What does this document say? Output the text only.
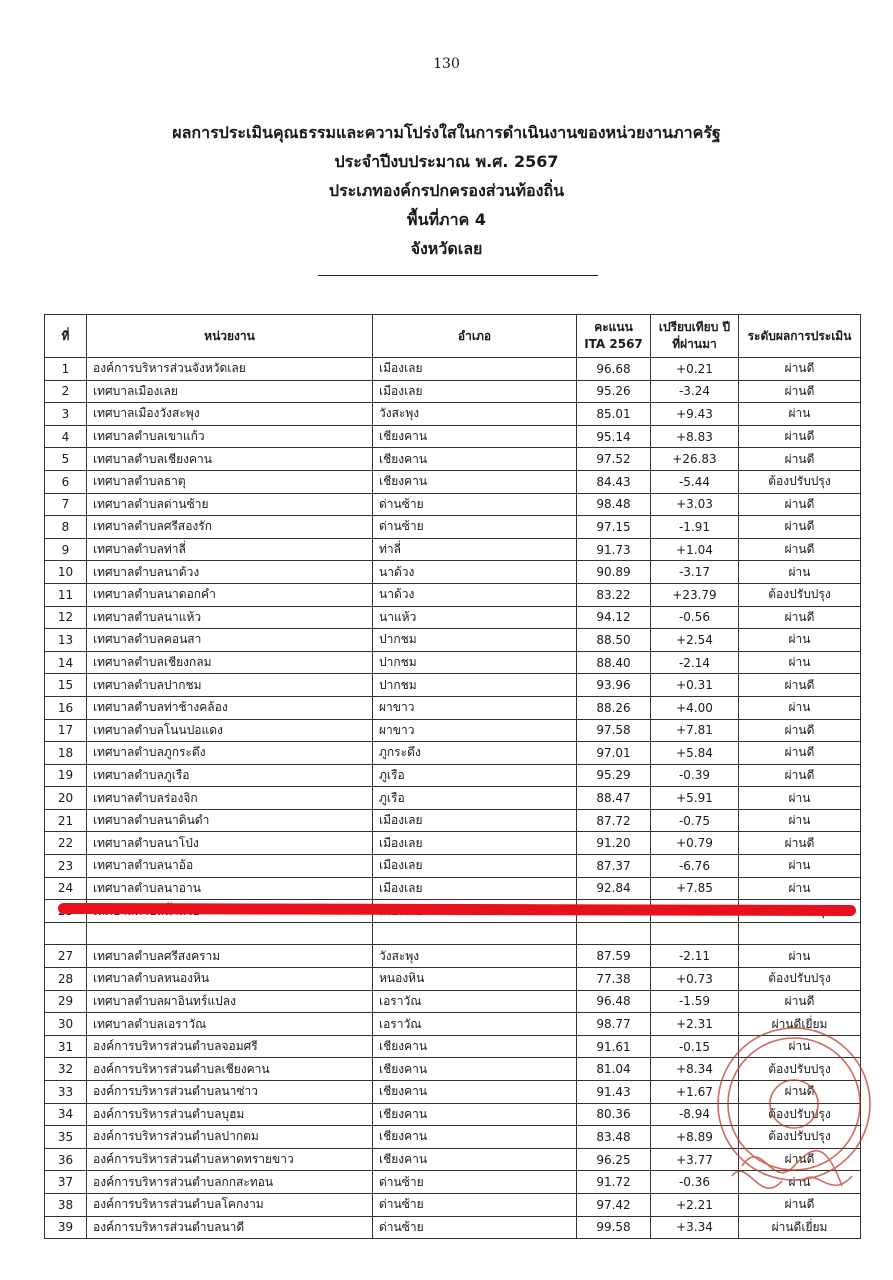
130
ผลการประเมินคุณธรรมและความโปร่งใสในการดำเนินงานของหน่วยงานภาครัฐ
ประจำปีงบประมาณ พ.ศ. 2567
ประเภทองค์กรปกครองส่วนท้องถิ่น
พื้นที่ภาค 4
จังหวัดเลย
ที่	หน่วยงาน	อำเภอ	คะแนน ITA 2567	เปรียบเทียบ ปีที่ผ่านมา	ระดับผลการประเมิน
1	องค์การบริหารส่วนจังหวัดเลย	เมืองเลย	96.68	+0.21	ผ่านดี
2	เทศบาลเมืองเลย	เมืองเลย	95.26	-3.24	ผ่านดี
3	เทศบาลเมืองวังสะพุง	วังสะพุง	85.01	+9.43	ผ่าน
4	เทศบาลตำบลเขาแก้ว	เชียงคาน	95.14	+8.83	ผ่านดี
5	เทศบาลตำบลเชียงคาน	เชียงคาน	97.52	+26.83	ผ่านดี
6	เทศบาลตำบลธาตุ	เชียงคาน	84.43	-5.44	ต้องปรับปรุง
7	เทศบาลตำบลด่านซ้าย	ด่านซ้าย	98.48	+3.03	ผ่านดี
8	เทศบาลตำบลศรีสองรัก	ด่านซ้าย	97.15	-1.91	ผ่านดี
9	เทศบาลตำบลท่าลี่	ท่าลี่	91.73	+1.04	ผ่านดี
10	เทศบาลตำบลนาด้วง	นาด้วง	90.89	-3.17	ผ่าน
11	เทศบาลตำบลนาดอกคำ	นาด้วง	83.22	+23.79	ต้องปรับปรุง
12	เทศบาลตำบลนาแห้ว	นาแห้ว	94.12	-0.56	ผ่านดี
13	เทศบาลตำบลคอนสา	ปากชม	88.50	+2.54	ผ่าน
14	เทศบาลตำบลเชียงกลม	ปากชม	88.40	-2.14	ผ่าน
15	เทศบาลตำบลปากชม	ปากชม	93.96	+0.31	ผ่านดี
16	เทศบาลตำบลท่าช้างคล้อง	ผาขาว	88.26	+4.00	ผ่าน
17	เทศบาลตำบลโนนปอแดง	ผาขาว	97.58	+7.81	ผ่านดี
18	เทศบาลตำบลภูกระดึง	ภูกระดึง	97.01	+5.84	ผ่านดี
19	เทศบาลตำบลภูเรือ	ภูเรือ	95.29	-0.39	ผ่านดี
20	เทศบาลตำบลร่องจิก	ภูเรือ	88.47	+5.91	ผ่าน
21	เทศบาลตำบลนาดินดำ	เมืองเลย	87.72	-0.75	ผ่าน
22	เทศบาลตำบลนาโป่ง	เมืองเลย	91.20	+0.79	ผ่านดี
23	เทศบาลตำบลนาอ้อ	เมืองเลย	87.37	-6.76	ผ่าน
24	เทศบาลตำบลนาอาน	เมืองเลย	92.84	+7.85	ผ่าน

27	เทศบาลตำบลศรีสงคราม	วังสะพุง	87.59	-2.11	ผ่าน
28	เทศบาลตำบลหนองหิน	หนองหิน	77.38	+0.73	ต้องปรับปรุง
29	เทศบาลตำบลผาอินทร์แปลง	เอราวัณ	96.48	-1.59	ผ่านดี
30	เทศบาลตำบลเอราวัณ	เอราวัณ	98.77	+2.31	ผ่านดีเยี่ยม
31	องค์การบริหารส่วนตำบลจอมศรี	เชียงคาน	91.61	-0.15	ผ่าน
32	องค์การบริหารส่วนตำบลเชียงคาน	เชียงคาน	81.04	+8.34	ต้องปรับปรุง
33	องค์การบริหารส่วนตำบลนาซ่าว	เชียงคาน	91.43	+1.67	ผ่านดี
34	องค์การบริหารส่วนตำบลบุฮม	เชียงคาน	80.36	-8.94	ต้องปรับปรุง
35	องค์การบริหารส่วนตำบลปากตม	เชียงคาน	83.48	+8.89	ต้องปรับปรุง
36	องค์การบริหารส่วนตำบลหาดทรายขาว	เชียงคาน	96.25	+3.77	ผ่านดี
37	องค์การบริหารส่วนตำบลกกสะทอน	ด่านซ้าย	91.72	-0.36	ผ่าน
38	องค์การบริหารส่วนตำบลโคกงาม	ด่านซ้าย	97.42	+2.21	ผ่านดี
39	องค์การบริหารส่วนตำบลนาดี	ด่านซ้าย	99.58	+3.34	ผ่านดีเยี่ยม
